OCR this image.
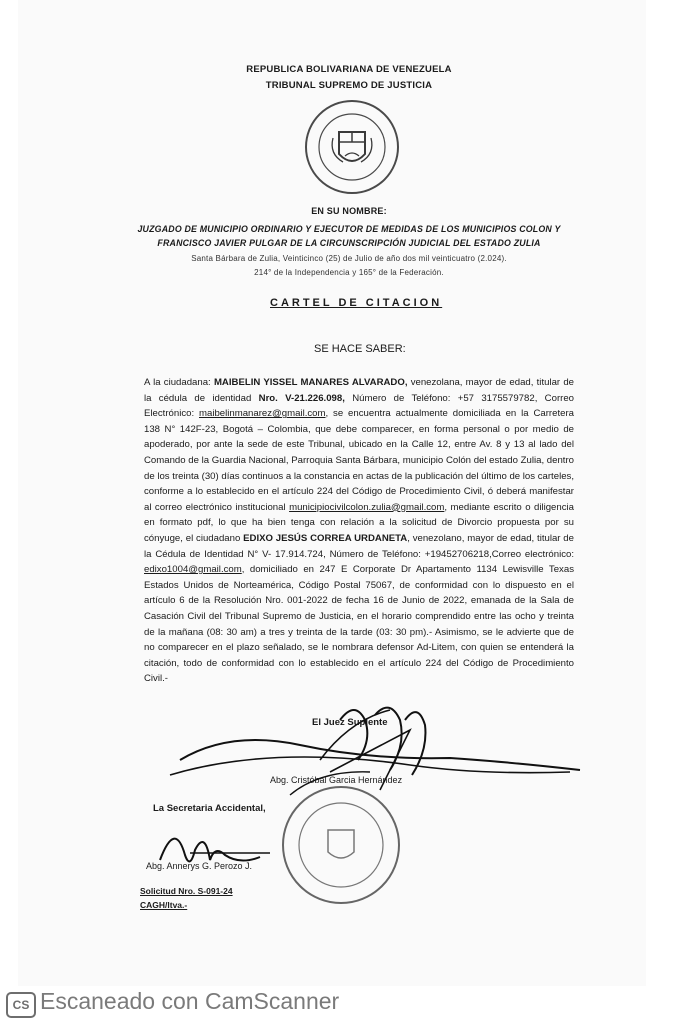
REPUBLICA BOLIVARIANA DE VENEZUELA
TRIBUNAL SUPREMO DE JUSTICIA
EN SU NOMBRE:
JUZGADO DE MUNICIPIO ORDINARIO Y EJECUTOR DE MEDIDAS DE LOS MUNICIPIOS COLON Y
FRANCISCO JAVIER PULGAR DE LA CIRCUNSCRIPCIÓN JUDICIAL DEL ESTADO ZULIA
Santa Bárbara de Zulia, Veinticinco (25) de Julio de año dos mil veinticuatro (2.024).
214° de la Independencia y 165° de la Federación.
CARTEL DE CITACION
SE HACE SABER:
A la ciudadana: MAIBELIN YISSEL MANARES ALVARADO, venezolana, mayor de edad, titular de la cédula de identidad Nro. V-21.226.098, Número de Teléfono: +57 3175579782, Correo Electrónico: maibelinmanarez@gmail.com, se encuentra actualmente domiciliada en la Carretera 138 N° 142F-23, Bogotá – Colombia, que debe comparecer, en forma personal o por medio de apoderado, por ante la sede de este Tribunal, ubicado en la Calle 12, entre Av. 8 y 13 al lado del Comando de la Guardia Nacional, Parroquia Santa Bárbara, municipio Colón del estado Zulia, dentro de los treinta (30) días continuos a la constancia en actas de la publicación del último de los carteles, conforme a lo establecido en el artículo 224 del Código de Procedimiento Civil, ó deberá manifestar al correo electrónico institucional municipiocivilcolon.zulia@gmail.com, mediante escrito o diligencia en formato pdf, lo que ha bien tenga con relación a la solicitud de Divorcio propuesta por su cónyuge, el ciudadano EDIXO JESÚS CORREA URDANETA, venezolano, mayor de edad, titular de la Cédula de Identidad N° V- 17.914.724, Número de Teléfono: +19452706218,Correo electrónico: edixo1004@gmail.com, domiciliado en 247 E Corporate Dr Apartamento 1134 Lewisville Texas Estados Unidos de Norteamérica, Código Postal 75067, de conformidad con lo dispuesto en el artículo 6 de la Resolución Nro. 001-2022 de fecha 16 de Junio de 2022, emanada de la Sala de Casación Civil del Tribunal Supremo de Justicia, en el horario comprendido entre las ocho y treinta de la mañana (08: 30 am) a tres y treinta de la tarde (03: 30 pm).- Asimismo, se le advierte que de no comparecer en el plazo señalado, se le nombrara defensor Ad-Litem, con quien se entenderá la citación, todo de conformidad con lo establecido en el artículo 224 del Código de Procedimiento Civil.-
El Juez Suplente
Abg. Cristóbal Garcia Hernández
La Secretaria Accidental,
Abg. Annerys G. Perozo J.
Solicitud Nro. S-091-24
CAGH/ltva.-
CS Escaneado con CamScanner
